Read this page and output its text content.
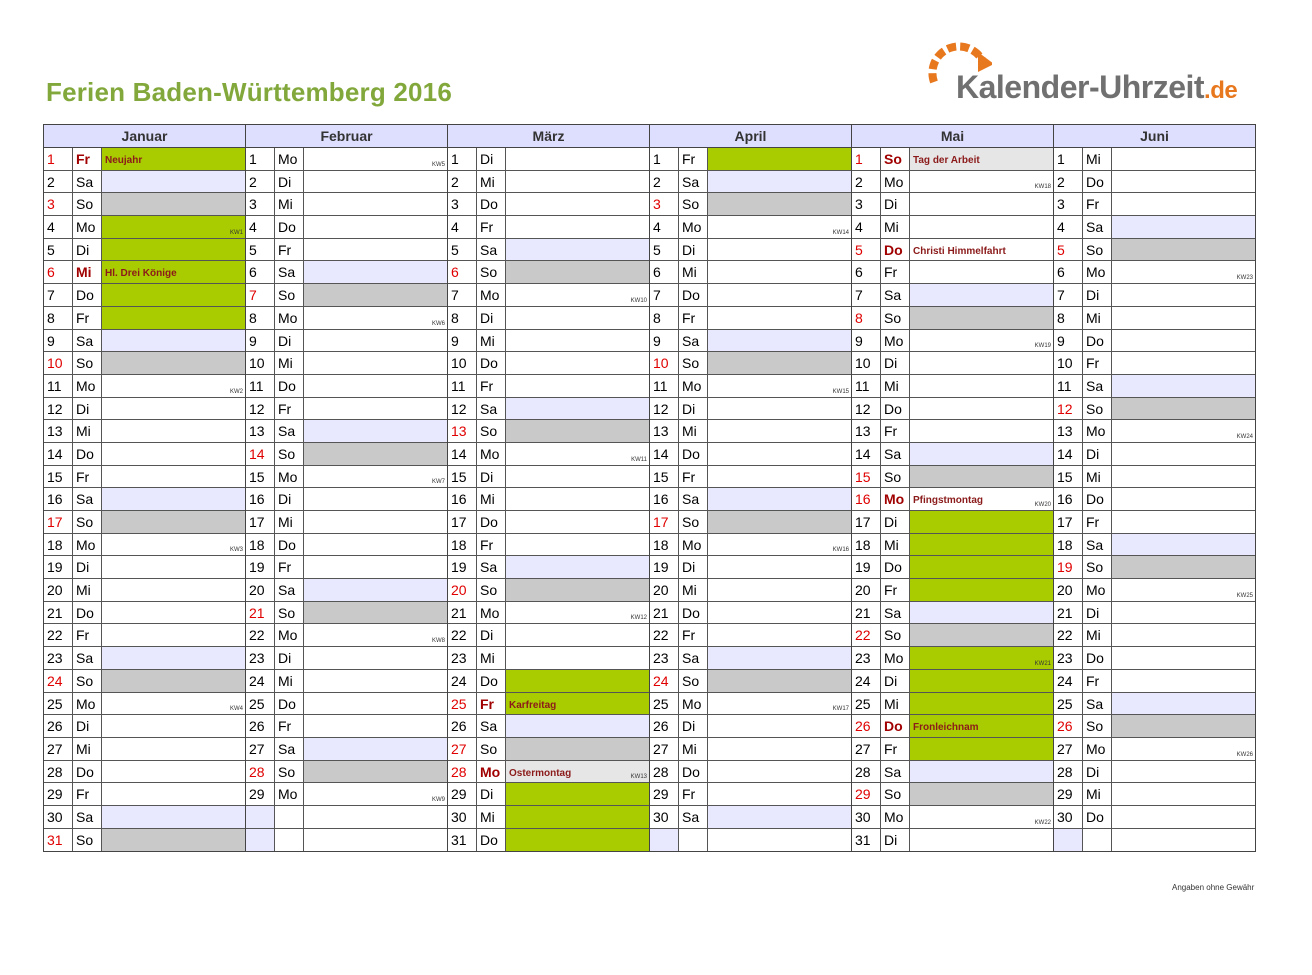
Ferien Baden-Württemberg 2016	Kalender-Uhrzeit.de
Januar
1	Fr	Neujahr
2	Sa
3	So
4	Mo	KW1
5	Di
6	Mi	Hl. Drei Könige
7	Do
8	Fr
9	Sa
10 So
11	Mo	KW2
12 Di
13 Mi
14 Do
15 Fr
16 Sa
17 So
18 Mo	KW3
19 Di
20 Mi
21 Do
22 Fr
23 Sa
24 So
25 Mo	KW4
26 Di
27 Mi
28 Do
29 Fr
30 Sa
31 So
Februar
1	Mo	KW5
2	Di
3	Mi
4	Do
5	Fr
6	Sa
7	So
8	Mo	KW6
9	Di
10 Mi
11	Do
12 Fr
13 Sa
14 So
15 Mo	KW7
16 Di
17 Mi
18 Do
19 Fr
20 Sa
21 So
22 Mo	KW8
23 Di
24 Mi
25 Do
26 Fr
27 Sa
28 So
29 Mo	KW9
März
1	Di
2	Mi
3	Do
4	Fr
5	Sa
6	So
7	Mo	KW10
8	Di
9	Mi
10 Do
11	Fr
12 Sa
13 So
14 Mo	KW11
15 Di
16 Mi
17 Do
18 Fr
19 Sa
20 So
21 Mo	KW12
22 Di
23 Mi
24 Do
25 Fr	Karfreitag
26 Sa
27 So
28 Mo Ostermontag	KW13
29 Di
30 Mi
31 Do
April
1	Fr
2	Sa
3	So
4	Mo	KW14
5	Di
6	Mi
7	Do
8	Fr
9	Sa
10 So
11	Mo	KW15
12 Di
13 Mi
14 Do
15 Fr
16 Sa
17 So
18 Mo	KW16
19 Di
20 Mi
21 Do
22 Fr
23 Sa
24 So
25 Mo	KW17
26 Di
27 Mi
28 Do
29 Fr
30 Sa
Mai
1	So	Tag der Arbeit
2	Mo	KW18
3	Di
4	Mi
5	Do	Christi Himmelfahrt
6	Fr
7	Sa
8	So
9	Mo	KW19
10 Di
11	Mi
12 Do
13 Fr
14 Sa
15 So
16 Mo Pfingstmontag	KW20
17 Di
18 Mi
19 Do
20 Fr
21 Sa
22 So
23 Mo	KW21
24 Di
25 Mi
26 Do	Fronleichnam
27 Fr
28 Sa
29 So
30 Mo	KW22
31 Di
Juni
1	Mi
2	Do
3	Fr
4	Sa
5	So
6	Mo	KW23
7	Di
8	Mi
9	Do
10 Fr
11	Sa
12 So
13 Mo	KW24
14 Di
15 Mi
16 Do
17 Fr
18 Sa
19 So
20 Mo	KW25
21 Di
22 Mi
23 Do
24 Fr
25 Sa
26 So
27 Mo	KW26
28 Di
29 Mi
30 Do
Angaben ohne Gewähr
